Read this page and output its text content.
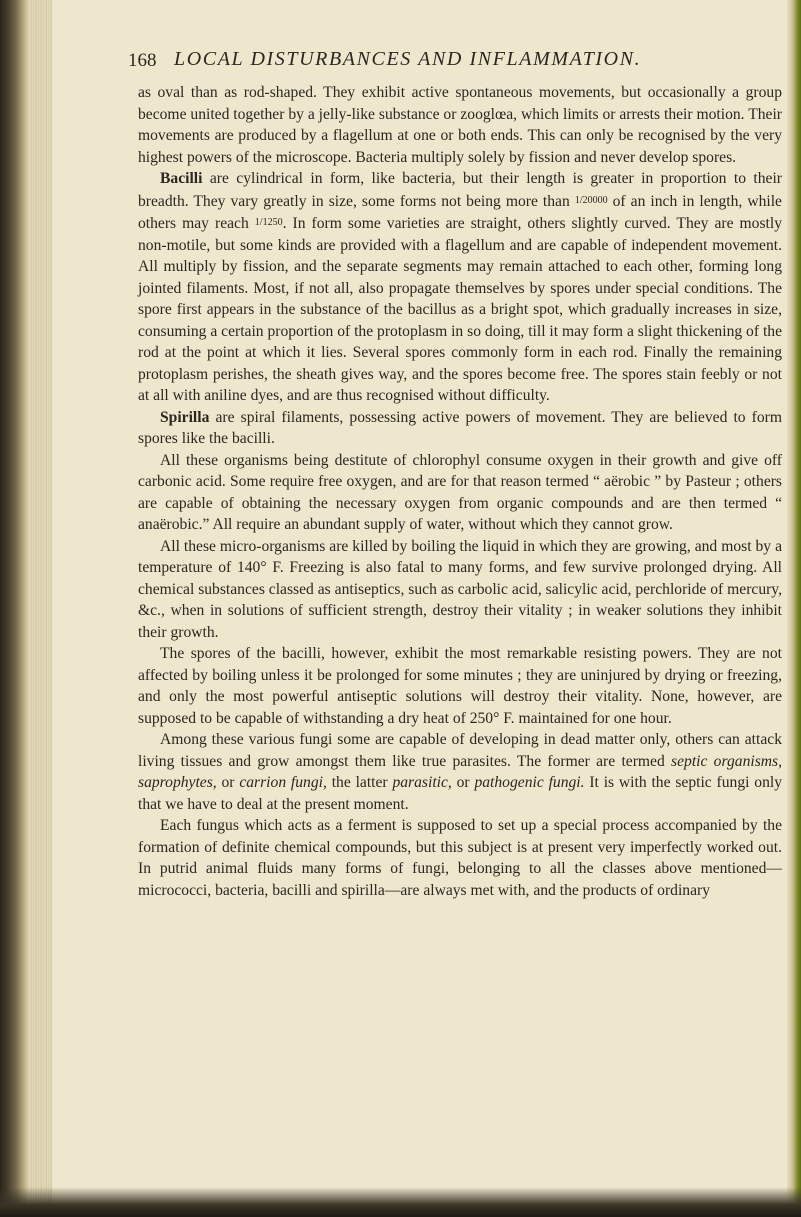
168 LOCAL DISTURBANCES AND INFLAMMATION.

as oval than as rod-shaped. They exhibit active spontaneous movements, but occasionally a group become united together by a jelly-like substance or zooglœa, which limits or arrests their motion. Their movements are produced by a flagellum at one or both ends. This can only be recognised by the very highest powers of the microscope. Bacteria multiply solely by fission and never develop spores.

Bacilli are cylindrical in form, like bacteria, but their length is greater in proportion to their breadth. They vary greatly in size, some forms not being more than 1/20000 of an inch in length, while others may reach 1/1250. In form some varieties are straight, others slightly curved. They are mostly non-motile, but some kinds are provided with a flagellum and are capable of independent movement. All multiply by fission, and the separate segments may remain attached to each other, forming long jointed filaments. Most, if not all, also propagate themselves by spores under special conditions. The spore first appears in the substance of the bacillus as a bright spot, which gradually increases in size, consuming a certain proportion of the protoplasm in so doing, till it may form a slight thickening of the rod at the point at which it lies. Several spores commonly form in each rod. Finally the remaining protoplasm perishes, the sheath gives way, and the spores become free. The spores stain feebly or not at all with aniline dyes, and are thus recognised without difficulty.

Spirilla are spiral filaments, possessing active powers of movement. They are believed to form spores like the bacilli.

All these organisms being destitute of chlorophyl consume oxygen in their growth and give off carbonic acid. Some require free oxygen, and are for that reason termed “ aërobic ” by Pasteur ; others are capable of obtaining the necessary oxygen from organic compounds and are then termed “ anaërobic.” All require an abundant supply of water, without which they cannot grow.

All these micro-organisms are killed by boiling the liquid in which they are growing, and most by a temperature of 140° F. Freezing is also fatal to many forms, and few survive prolonged drying. All chemical substances classed as antiseptics, such as carbolic acid, salicylic acid, perchloride of mercury, &c., when in solutions of sufficient strength, destroy their vitality ; in weaker solutions they inhibit their growth.

The spores of the bacilli, however, exhibit the most remarkable resisting powers. They are not affected by boiling unless it be prolonged for some minutes ; they are uninjured by drying or freezing, and only the most powerful antiseptic solutions will destroy their vitality. None, however, are supposed to be capable of withstanding a dry heat of 250° F. maintained for one hour.

Among these various fungi some are capable of developing in dead matter only, others can attack living tissues and grow amongst them like true parasites. The former are termed septic organisms, saprophytes, or carrion fungi, the latter parasitic, or pathogenic fungi. It is with the septic fungi only that we have to deal at the present moment.

Each fungus which acts as a ferment is supposed to set up a special process accompanied by the formation of definite chemical compounds, but this subject is at present very imperfectly worked out. In putrid animal fluids many forms of fungi, belonging to all the classes above mentioned—micrococci, bacteria, bacilli and spirilla—are always met with, and the products of ordinary
